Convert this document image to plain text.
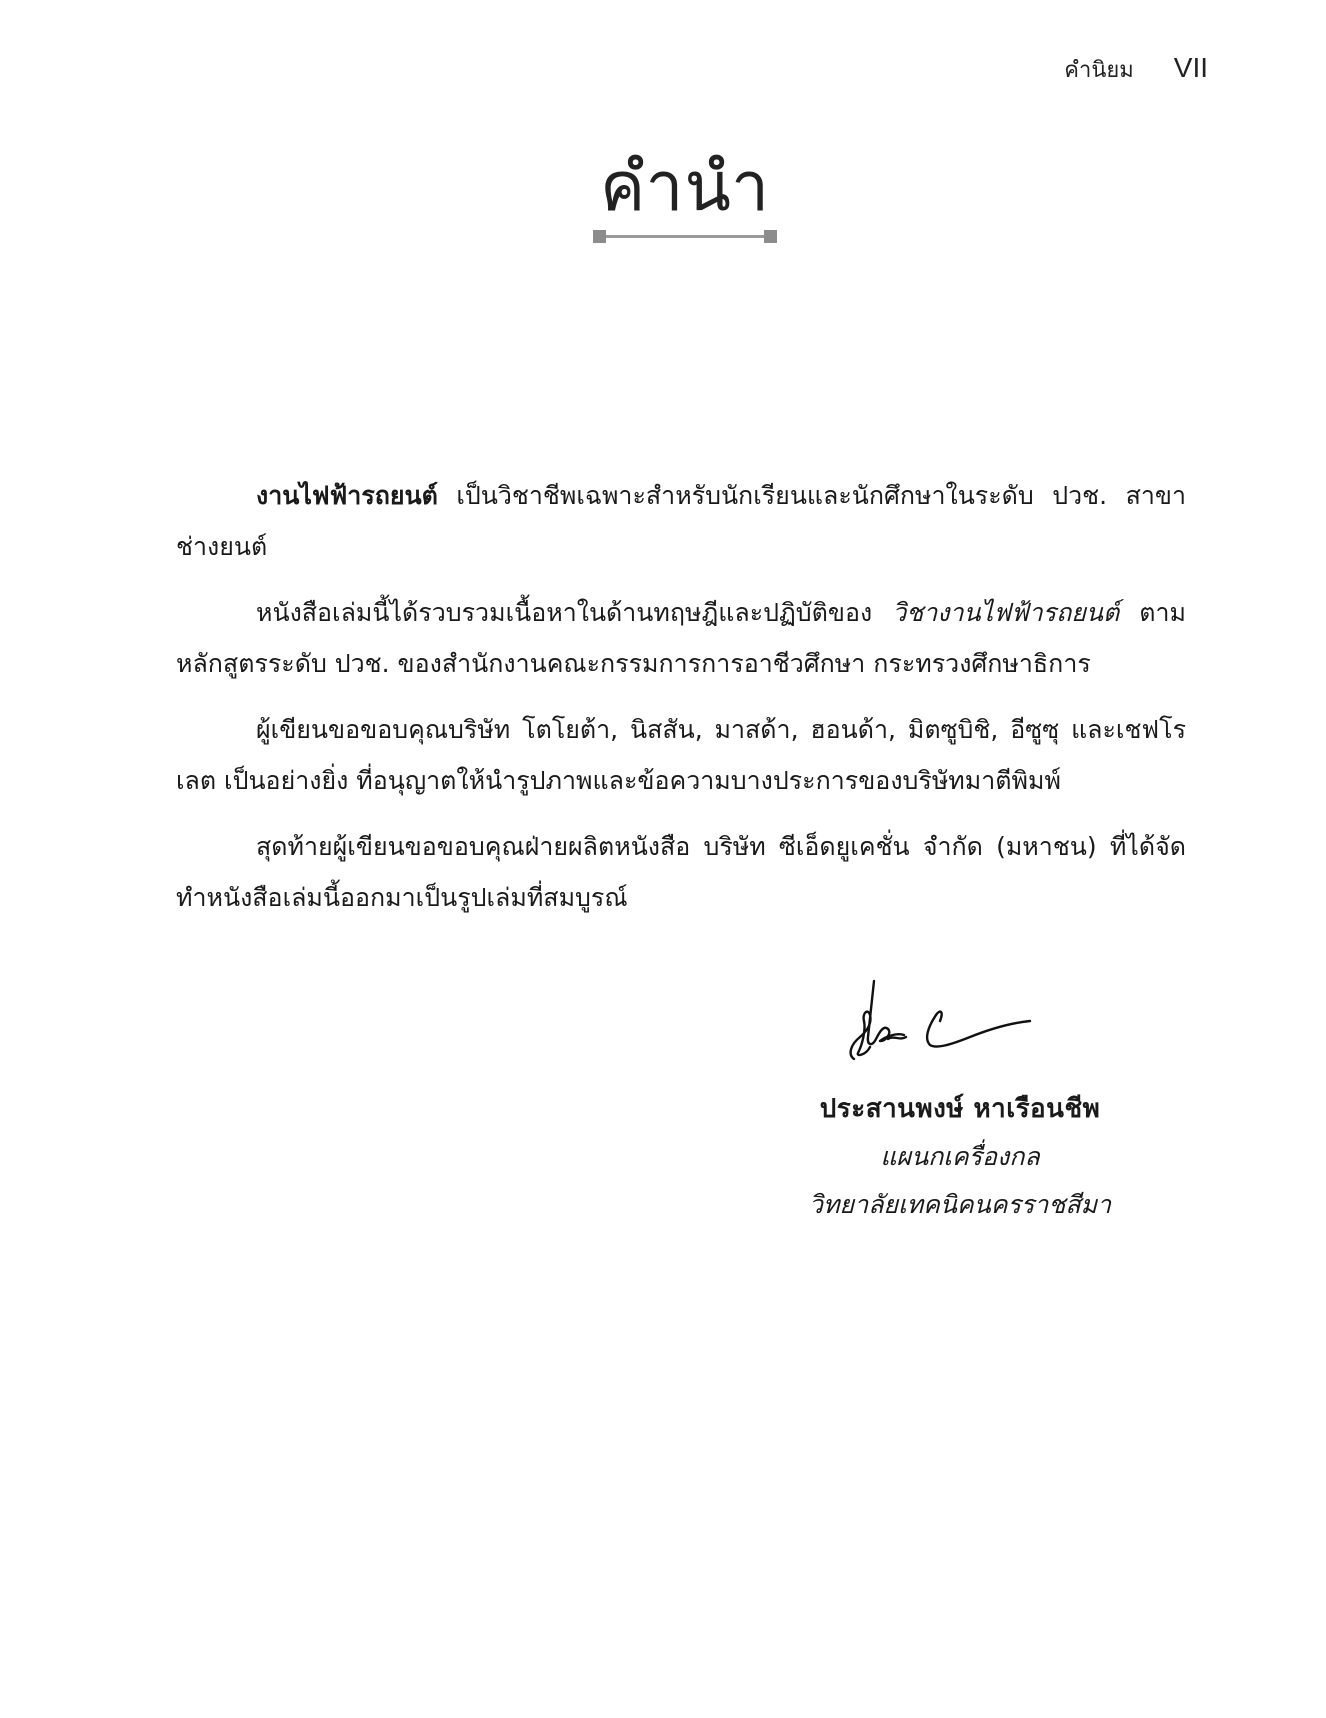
คำนิยม VII
คำนำ

งานไฟฟ้ารถยนต์ เป็นวิชาชีพเฉพาะสำหรับนักเรียนและนักศึกษาในระดับ ปวช. สาขาช่างยนต์

หนังสือเล่มนี้ได้รวบรวมเนื้อหาในด้านทฤษฎีและปฏิบัติของ วิชางานไฟฟ้ารถยนต์ ตามหลักสูตรระดับ ปวช. ของสำนักงานคณะกรรมการการอาชีวศึกษา กระทรวงศึกษาธิการ

ผู้เขียนขอขอบคุณบริษัท โตโยต้า, นิสสัน, มาสด้า, ฮอนด้า, มิตซูบิชิ, อีซูซุ และเชฟโรเลต เป็นอย่างยิ่ง ที่อนุญาตให้นำรูปภาพและข้อความบางประการของบริษัทมาตีพิมพ์

สุดท้ายผู้เขียนขอขอบคุณฝ่ายผลิตหนังสือ บริษัท ซีเอ็ดยูเคชั่น จำกัด (มหาชน) ที่ได้จัดทำหนังสือเล่มนี้ออกมาเป็นรูปเล่มที่สมบูรณ์

ประสานพงษ์ หาเรือนชีพ
แผนกเครื่องกล
วิทยาลัยเทคนิคนครราชสีมา
